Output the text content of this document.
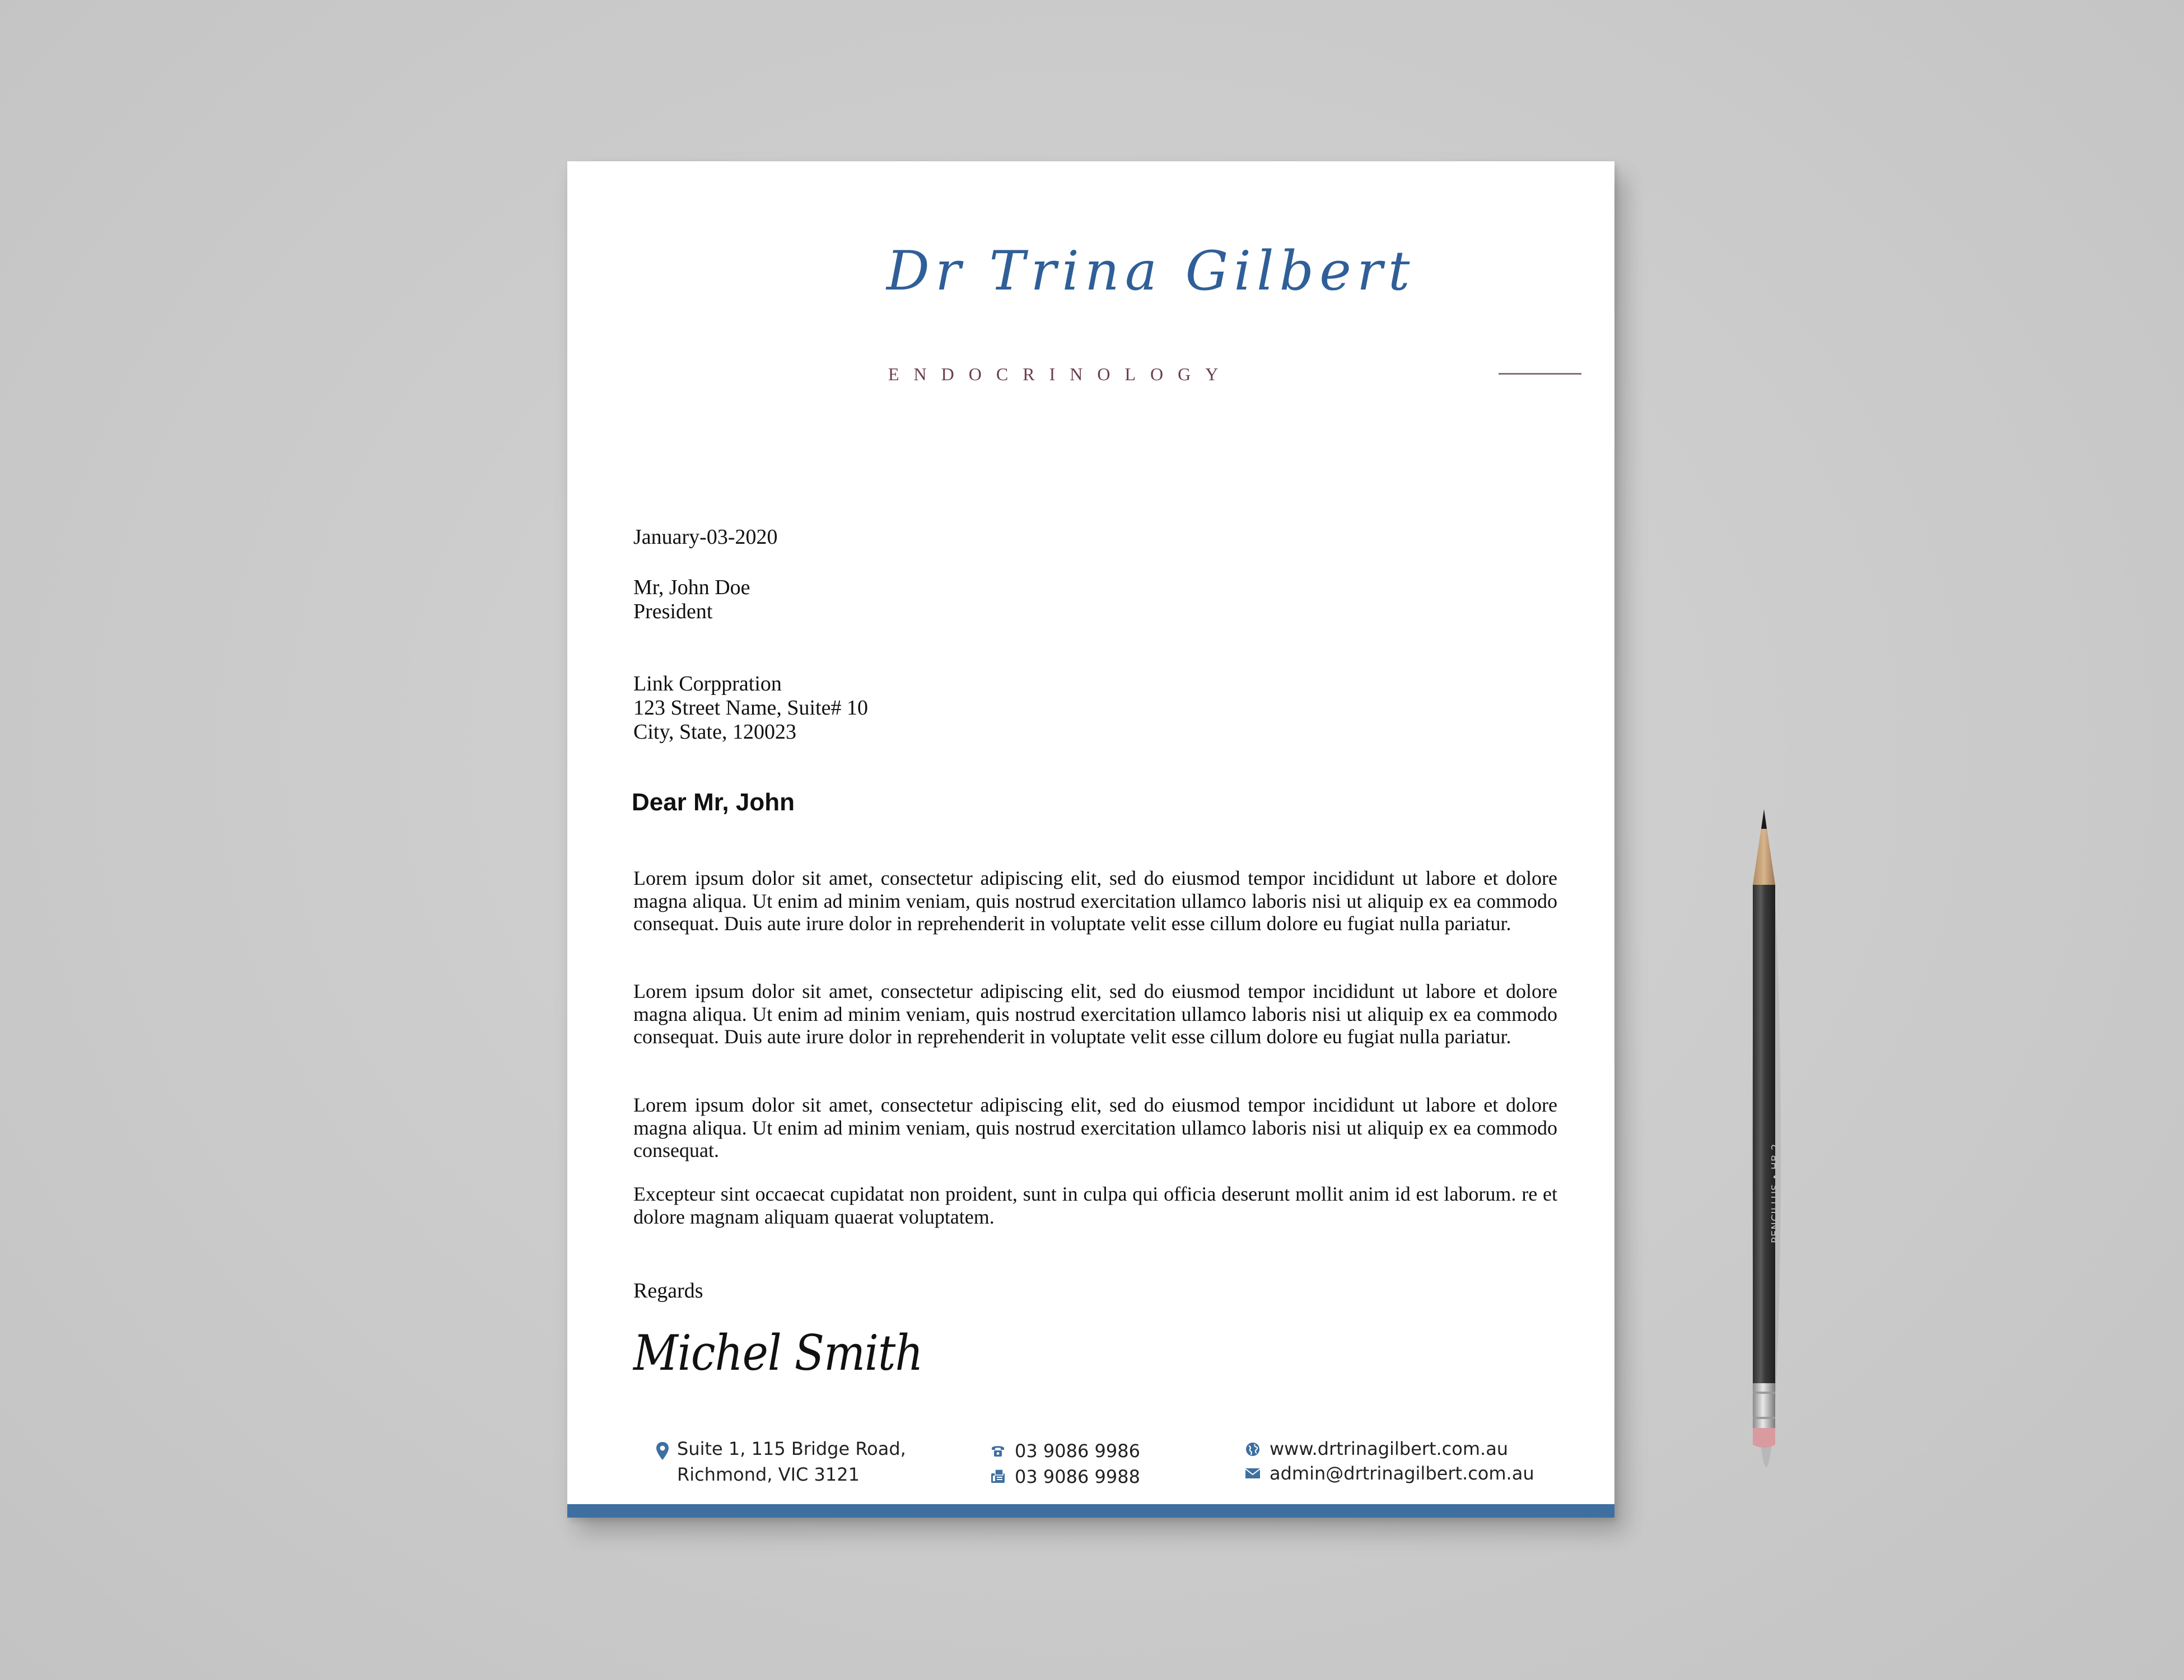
Dr Trina Gilbert
ENDOCRINOLOGY
January-03-2020
Mr, John Doe
President
Link Corppration
123 Street Name, Suite# 10
City, State, 120023
Dear Mr, John
Lorem ipsum dolor sit amet, consectetur adipiscing elit, sed do eiusmod tempor incididunt ut labore et dolore magna aliqua. Ut enim ad minim veniam, quis nostrud exercitation ullamco laboris nisi ut aliquip ex ea commodo consequat. Duis aute irure dolor in reprehenderit in voluptate velit esse cillum dolore eu fugiat nulla pariatur.
Lorem ipsum dolor sit amet, consectetur adipiscing elit, sed do eiusmod tempor incididunt ut labore et dolore magna aliqua. Ut enim ad minim veniam, quis nostrud exercitation ullamco laboris nisi ut aliquip ex ea commodo consequat. Duis aute irure dolor in reprehenderit in voluptate velit esse cillum dolore eu fugiat nulla pariatur.
Lorem ipsum dolor sit amet, consectetur adipiscing elit, sed do eiusmod tempor incididunt ut labore et dolore magna aliqua. Ut enim ad minim veniam, quis nostrud exercitation ullamco laboris nisi ut aliquip ex ea commodo consequat.
Excepteur sint occaecat cupidatat non proident, sunt in culpa qui officia deserunt mollit anim id est laborum. re et dolore magnam aliquam quaerat voluptatem.
Regards
Michel Smith
Suite 1, 115 Bridge Road,
Richmond, VIC 3121
03 9086 9986
03 9086 9988
www.drtrinagilbert.com.au
admin@drtrinagilbert.com.au
PENCILLUS • HB 2
